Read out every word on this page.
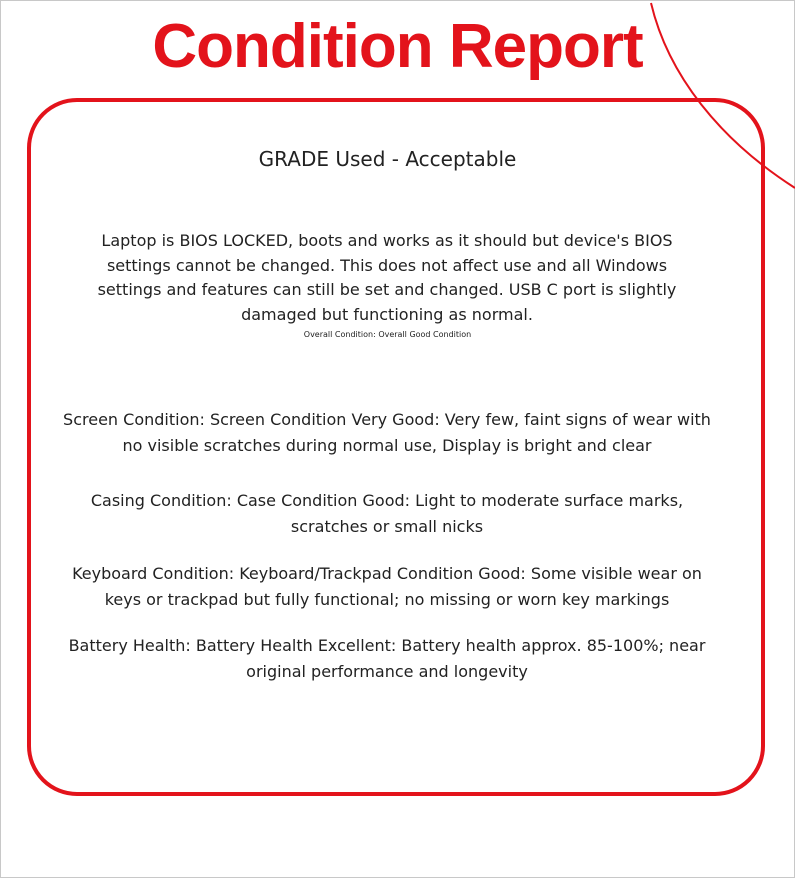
Condition Report
GRADE Used - Acceptable
Laptop is BIOS LOCKED, boots and works as it should but device's BIOS settings cannot be changed. This does not affect use and all Windows settings and features can still be set and changed. USB C port is slightly damaged but functioning as normal.
Overall Condition: Overall Good Condition
Screen Condition: Screen Condition Very Good: Very few, faint signs of wear with no visible scratches during normal use, Display is bright and clear
Casing Condition: Case Condition Good: Light to moderate surface marks, scratches or small nicks
Keyboard Condition: Keyboard/Trackpad Condition Good: Some visible wear on keys or trackpad but fully functional; no missing or worn key markings
Battery Health: Battery Health Excellent: Battery health approx. 85-100%; near original performance and longevity
